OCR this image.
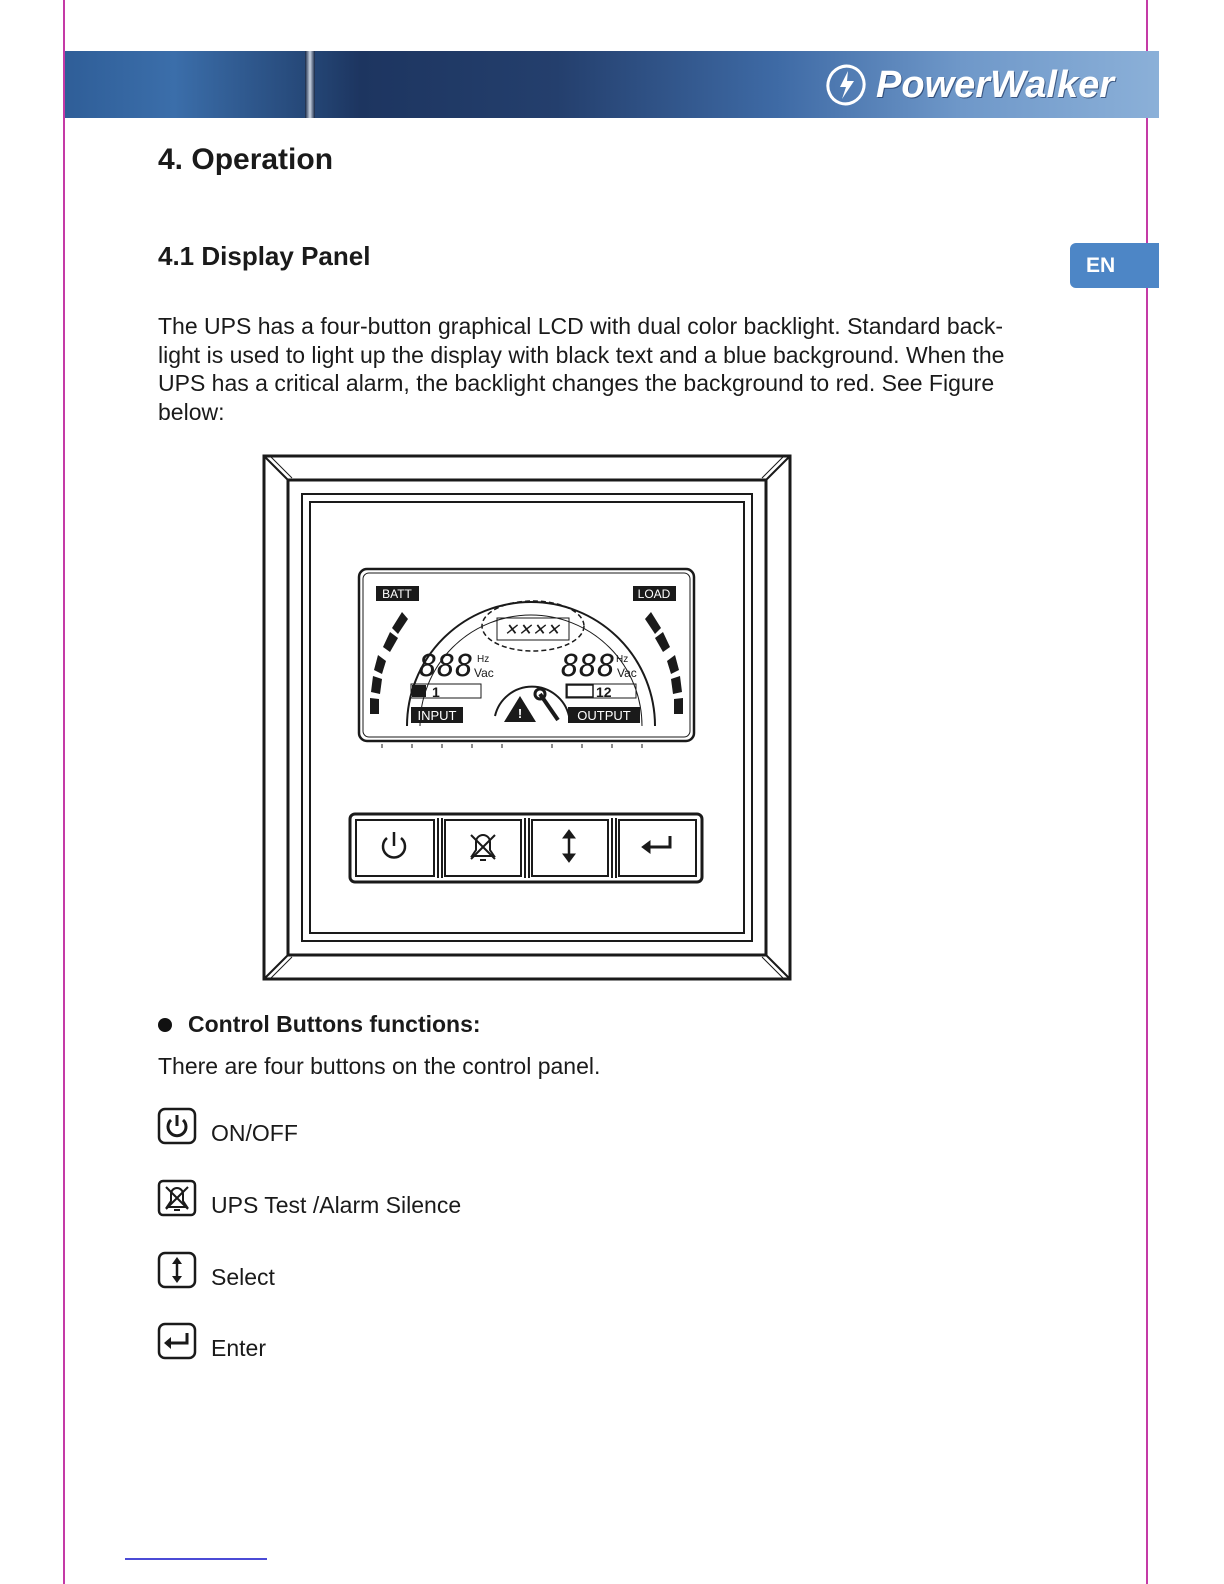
PowerWalker
EN
4. Operation
4.1 Display Panel

The UPS has a four-button graphical LCD with dual color backlight. Standard back-light is used to light up the display with black text and a blue background. When the UPS has a critical alarm, the backlight changes the background to red. See Figure below:

!
BATT	LOAD
✕✕✕✕
888	888
Hz
Vac
Hz
Vac
1	12
INPUT	OUTPUT
Control Buttons functions:

There are four buttons on the control panel.

ON/OFF
UPS Test /Alarm Silence
Select
Enter
